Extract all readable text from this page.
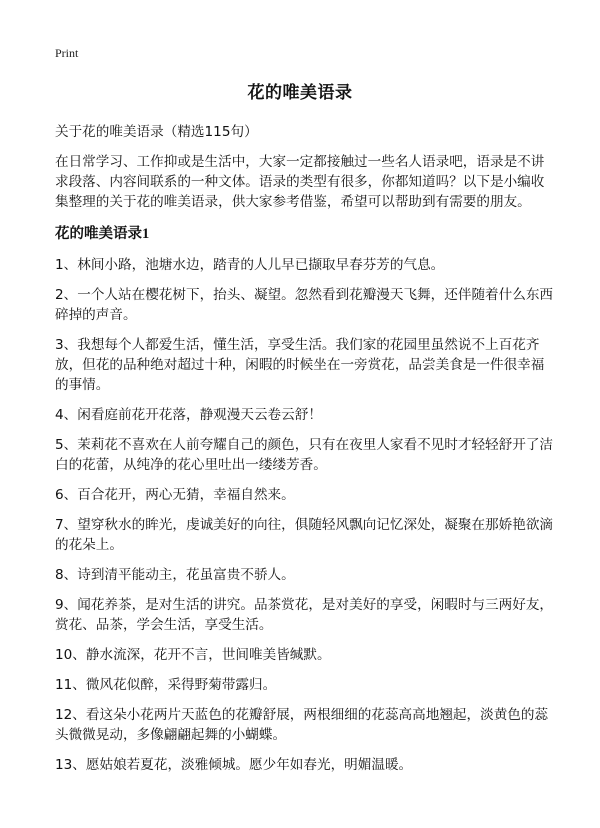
Print
花的唯美语录

关于花的唯美语录（精选115句）

在日常学习、工作抑或是生活中，大家一定都接触过一些名人语录吧，语录是不讲求段落、内容间联系的一种文体。语录的类型有很多，你都知道吗？以下是小编收集整理的关于花的唯美语录，供大家参考借鉴，希望可以帮助到有需要的朋友。

花的唯美语录1

1、林间小路，池塘水边，踏青的人儿早已撷取早春芬芳的气息。

2、一个人站在樱花树下，抬头、凝望。忽然看到花瓣漫天飞舞，还伴随着什么东西碎掉的声音。

3、我想每个人都爱生活，懂生活，享受生活。我们家的花园里虽然说不上百花齐放，但花的品种绝对超过十种，闲暇的时候坐在一旁赏花，品尝美食是一件很幸福的事情。

4、闲看庭前花开花落，静观漫天云卷云舒！

5、茉莉花不喜欢在人前夸耀自己的颜色，只有在夜里人家看不见时才轻轻舒开了洁白的花蕾，从纯净的花心里吐出一缕缕芳香。

6、百合花开，两心无猜，幸福自然来。

7、望穿秋水的眸光，虔诚美好的向往，俱随轻风飘向记忆深处，凝聚在那娇艳欲滴的花朵上。

8、诗到清平能动主，花虽富贵不骄人。

9、闻花养茶，是对生活的讲究。品茶赏花，是对美好的享受，闲暇时与三两好友，赏花、品茶，学会生活，享受生活。

10、静水流深，花开不言，世间唯美皆缄默。

11、微风花似醉，采得野菊带露归。

12、看这朵小花两片天蓝色的花瓣舒展，两根细细的花蕊高高地翘起，淡黄色的蕊头微微晃动，多像翩翩起舞的小蝴蝶。

13、愿姑娘若夏花，淡雅倾城。愿少年如春光，明媚温暖。
